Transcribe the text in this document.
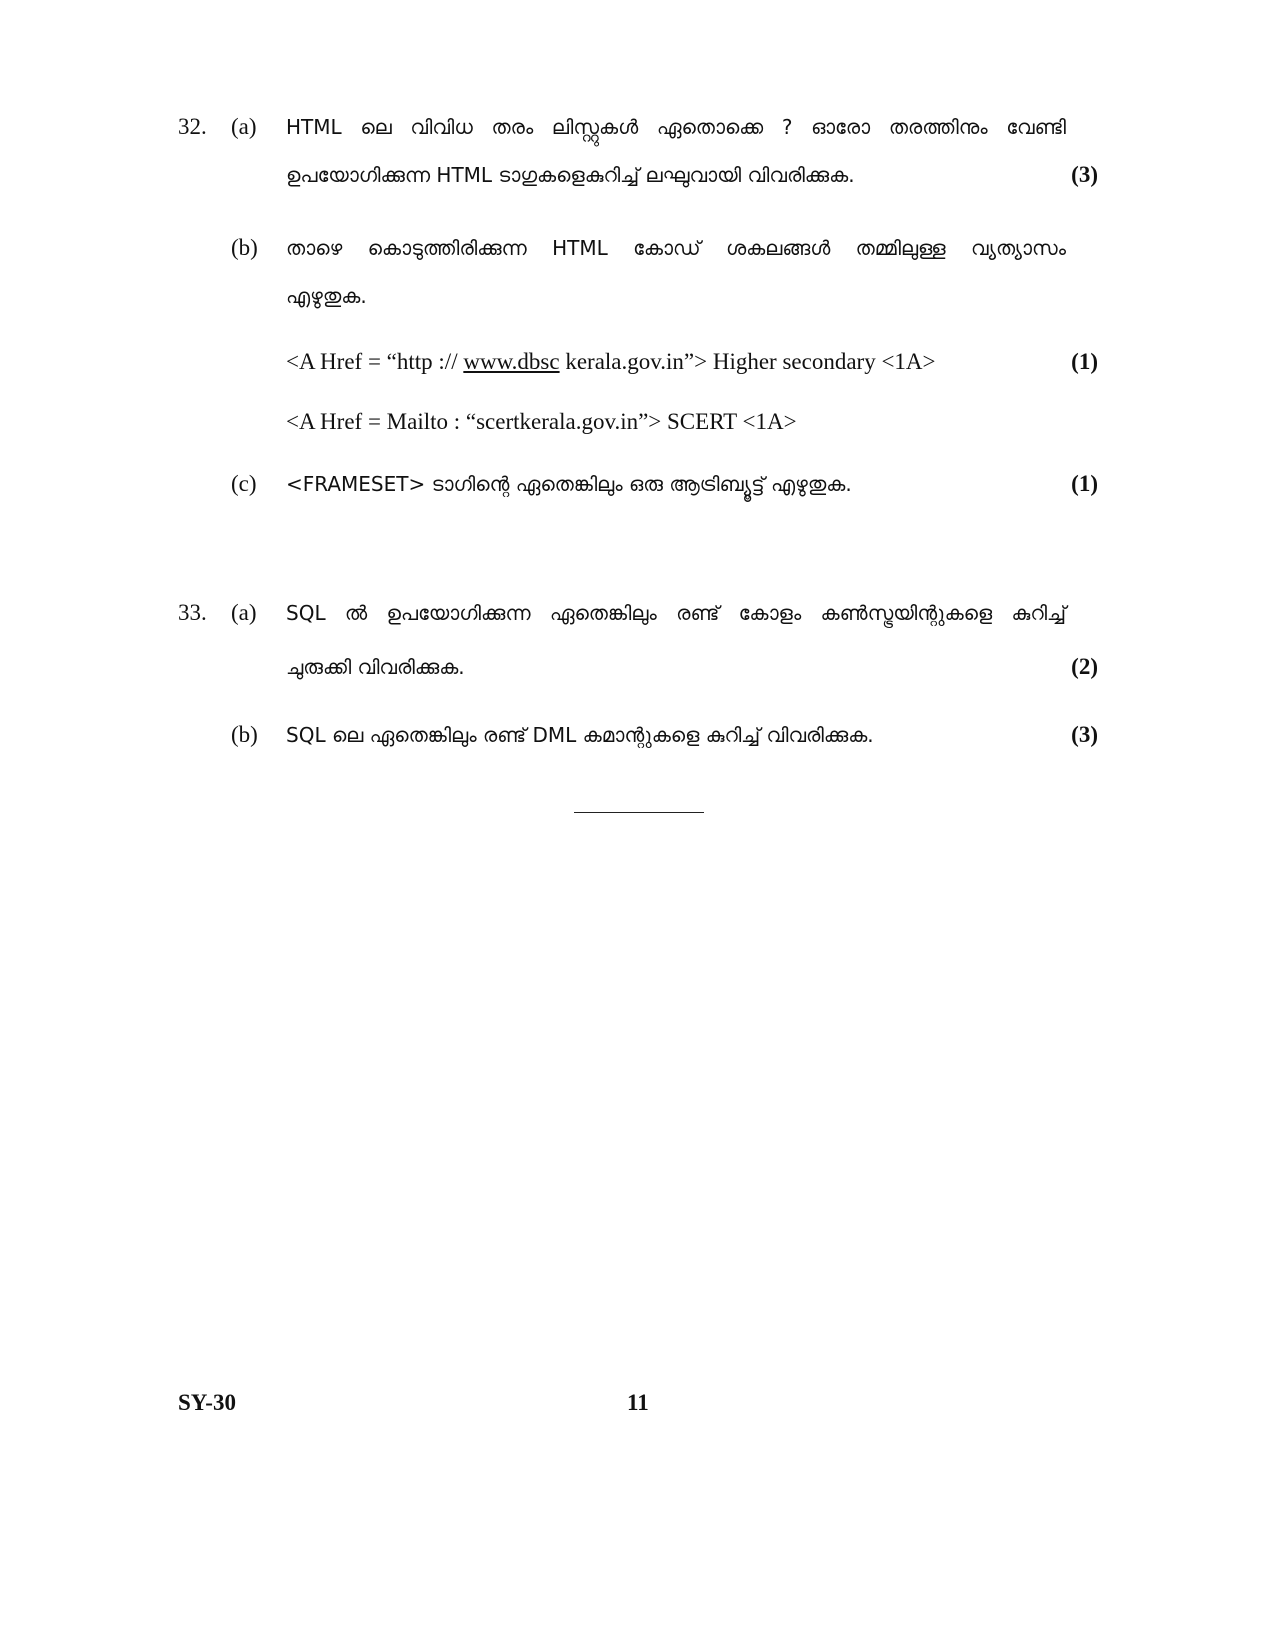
32. (a) HTML ലെ വിവിധ തരം ലിസ്റ്റുകൾ ഏതൊക്കെ ? ഓരോ തരത്തിനും വേണ്ടി
ഉപയോഗിക്കുന്ന HTML ടാഗുകളെകുറിച്ച് ലഘുവായി വിവരിക്കുക.	(3)
(b) താഴെ കൊടുത്തിരിക്കുന്ന HTML കോഡ് ശകലങ്ങൾ തമ്മിലുള്ള വ്യത്യാസം
എഴുതുക.
<A Href = “http :// www.dbsc kerala.gov.in”> Higher secondary <1A>	(1)
<A Href = Mailto : “scertkerala.gov.in”> SCERT <1A>
(c) <FRAMESET> ടാഗിന്റെ ഏതെങ്കിലും ഒരു ആട്രിബ്യൂട്ട് എഴുതുക.	(1)
33. (a) SQL ൽ ഉപയോഗിക്കുന്ന ഏതെങ്കിലും രണ്ട് കോളം കൺസ്ട്രയിന്റുകളെ കുറിച്ച്
ചുരുക്കി വിവരിക്കുക.	(2)
(b) SQL ലെ ഏതെങ്കിലും രണ്ട് DML കമാന്റുകളെ കുറിച്ച് വിവരിക്കുക.	(3)
SY-30	11
